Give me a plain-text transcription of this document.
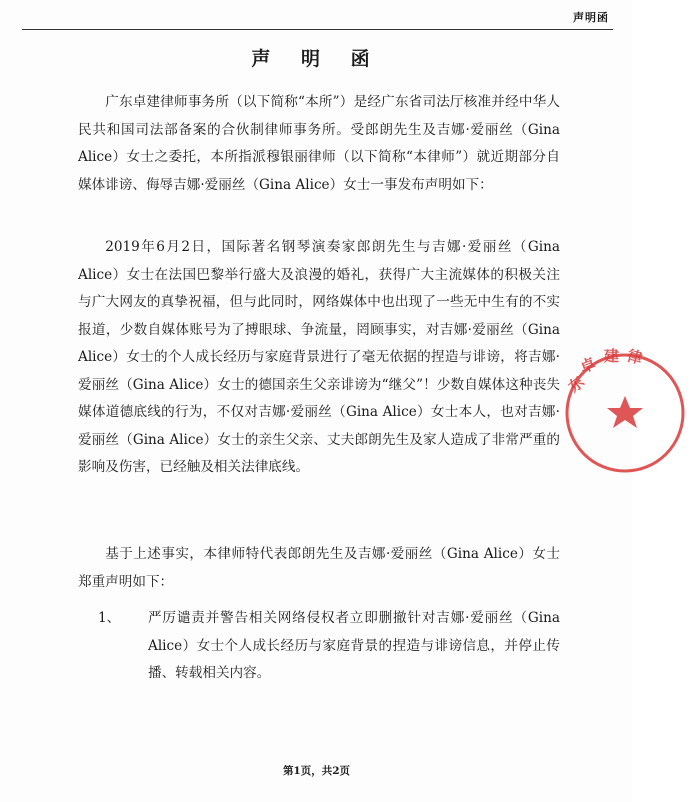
声明函
声 明 函

广东卓建律师事务所（以下简称“本所”）是经广东省司法厅核准并经中华人民共和国司法部备案的合伙制律师事务所。受郎朗先生及吉娜·爱丽丝（Gina Alice）女士之委托，本所指派穆银丽律师（以下简称“本律师”）就近期部分自媒体诽谤、侮辱吉娜·爱丽丝（Gina Alice）女士一事发布声明如下：

2019年6月2日，国际著名钢琴演奏家郎朗先生与吉娜·爱丽丝（Gina Alice）女士在法国巴黎举行盛大及浪漫的婚礼，获得广大主流媒体的积极关注与广大网友的真挚祝福，但与此同时，网络媒体中也出现了一些无中生有的不实报道，少数自媒体账号为了搏眼球、争流量，罔顾事实，对吉娜·爱丽丝（Gina Alice）女士的个人成长经历与家庭背景进行了毫无依据的捏造与诽谤，将吉娜·爱丽丝（Gina Alice）女士的德国亲生父亲诽谤为“继父”！少数自媒体这种丧失媒体道德底线的行为，不仅对吉娜·爱丽丝（Gina Alice）女士本人，也对吉娜·爱丽丝（Gina Alice）女士的亲生父亲、丈夫郎朗先生及家人造成了非常严重的影响及伤害，已经触及相关法律底线。

基于上述事实，本律师特代表郎朗先生及吉娜·爱丽丝（Gina Alice）女士郑重声明如下：

1、 严厉谴责并警告相关网络侵权者立即删撤针对吉娜·爱丽丝（Gina Alice）女士个人成长经历与家庭背景的捏造与诽谤信息，并停止传播、转载相关内容。
东
卓 建 律
第1页，共2页
